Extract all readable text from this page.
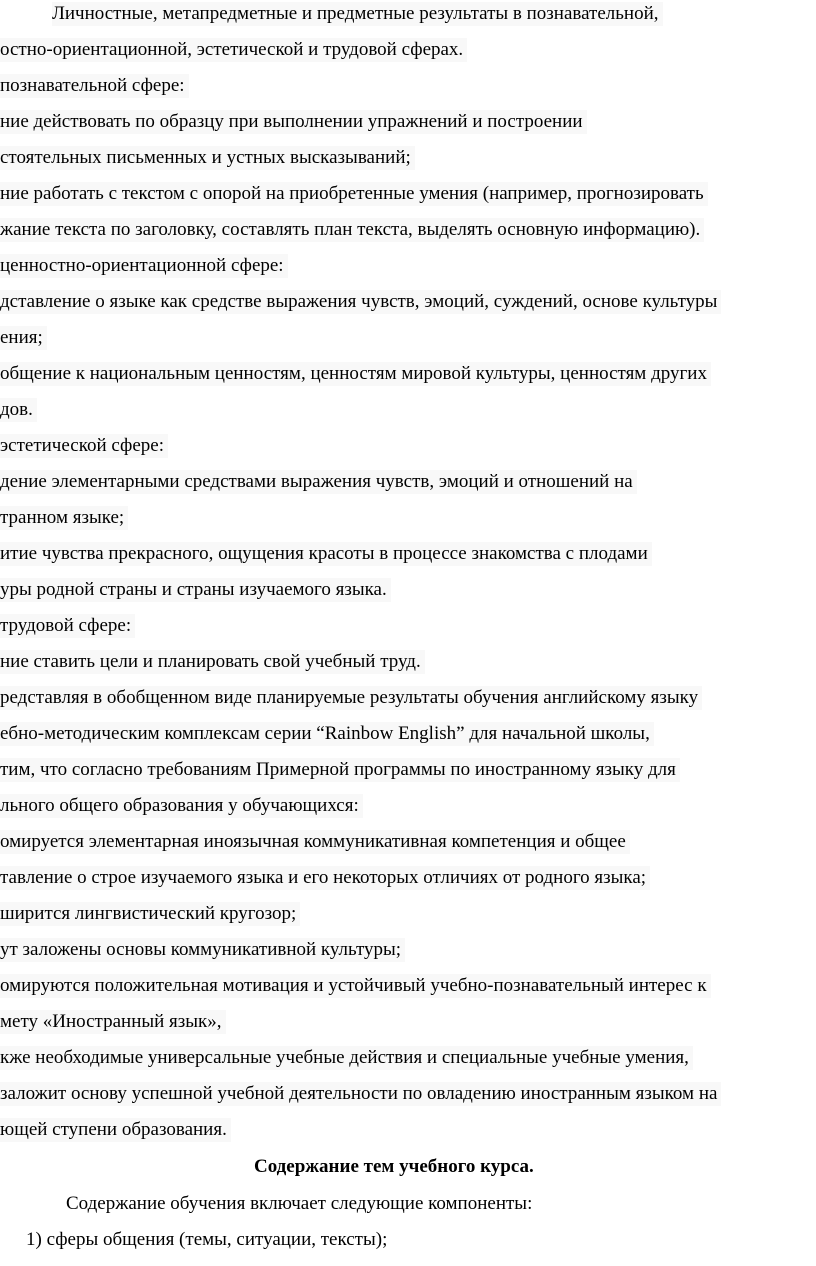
Личностные, метапредметные и предметные результаты в познавательной,
остно-ориентационной, эстетической и трудовой сферах.
познавательной сфере:
ние действовать по образцу при выполнении упражнений и построении
стоятельных письменных и устных высказываний;
ние работать с текстом с опорой на приобретенные умения (например, прогнозировать
жание текста по заголовку, составлять план текста, выделять основную информацию).
ценностно-ориентационной сфере:
дставление о языке как средстве выражения чувств, эмоций, суждений, основе культуры
ения;
общение к национальным ценностям, ценностям мировой культуры, ценностям других
дов.
эстетической сфере:
дение элементарными средствами выражения чувств, эмоций и отношений на
транном языке;
итие чувства прекрасного, ощущения красоты в процессе знакомства с плодами
уры родной страны и страны изучаемого языка.
трудовой сфере:
ние ставить цели и планировать свой учебный труд.
редставляя в обобщенном виде планируемые результаты обучения английскому языку
ебно-методическим комплексам серии “Rainbow English” для начальной школы,
тим, что согласно требованиям Примерной программы по иностранному языку для
льного общего образования у обучающихся:
омируется элементарная иноязычная коммуникативная компетенция и общее
тавление о строе изучаемого языка и его некоторых отличиях от родного языка;
ширится лингвистический кругозор;
ут заложены основы коммуникативной культуры;
омируются положительная мотивация и устойчивый учебно-познавательный интерес к
мету «Иностранный язык»,
кже необходимые универсальные учебные действия и специальные учебные умения,
заложит основу успешной учебной деятельности по овладению иностранным языком на
ющей ступени образования.
Содержание тем учебного курса.
Содержание обучения включает следующие компоненты:
1) сферы общения (темы, ситуации, тексты);
